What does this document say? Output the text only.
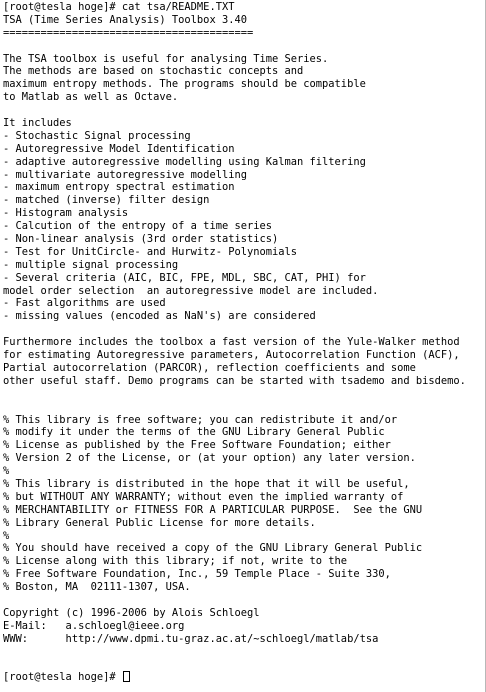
[root@tesla hoge]# cat tsa/README.TXT
TSA (Time Series Analysis) Toolbox 3.40
========================================
The TSA toolbox is useful for analysing Time Series.
The methods are based on stochastic concepts and
maximum entropy methods. The programs should be compatible
to Matlab as well as Octave.
It includes
- Stochastic Signal processing
- Autoregressive Model Identification
- adaptive autoregressive modelling using Kalman filtering
- multivariate autoregressive modelling
- maximum entropy spectral estimation
- matched (inverse) filter design
- Histogram analysis
- Calcution of the entropy of a time series
- Non-linear analysis (3rd order statistics)
- Test for UnitCircle- and Hurwitz- Polynomials
- multiple signal processing
- Several criteria (AIC, BIC, FPE, MDL, SBC, CAT, PHI) for
model order selection  an autoregressive model are included.
- Fast algorithms are used
- missing values (encoded as NaN's) are considered
Furthermore includes the toolbox a fast version of the Yule-Walker method
for estimating Autoregressive parameters, Autocorrelation Function (ACF),
Partial autocorrelation (PARCOR), reflection coefficients and some
other useful staff. Demo programs can be started with tsademo and bisdemo.
% This library is free software; you can redistribute it and/or
% modify it under the terms of the GNU Library General Public
% License as published by the Free Software Foundation; either
% Version 2 of the License, or (at your option) any later version.
%
% This library is distributed in the hope that it will be useful,
% but WITHOUT ANY WARRANTY; without even the implied warranty of
% MERCHANTABILITY or FITNESS FOR A PARTICULAR PURPOSE.  See the GNU
% Library General Public License for more details.
%
% You should have received a copy of the GNU Library General Public
% License along with this library; if not, write to the
% Free Software Foundation, Inc., 59 Temple Place - Suite 330,
% Boston, MA  02111-1307, USA.
Copyright (c) 1996-2006 by Alois Schloegl
E-Mail:   a.schloegl@ieee.org
WWW:      http://www.dpmi.tu-graz.ac.at/~schloegl/matlab/tsa
[root@tesla hoge]#
